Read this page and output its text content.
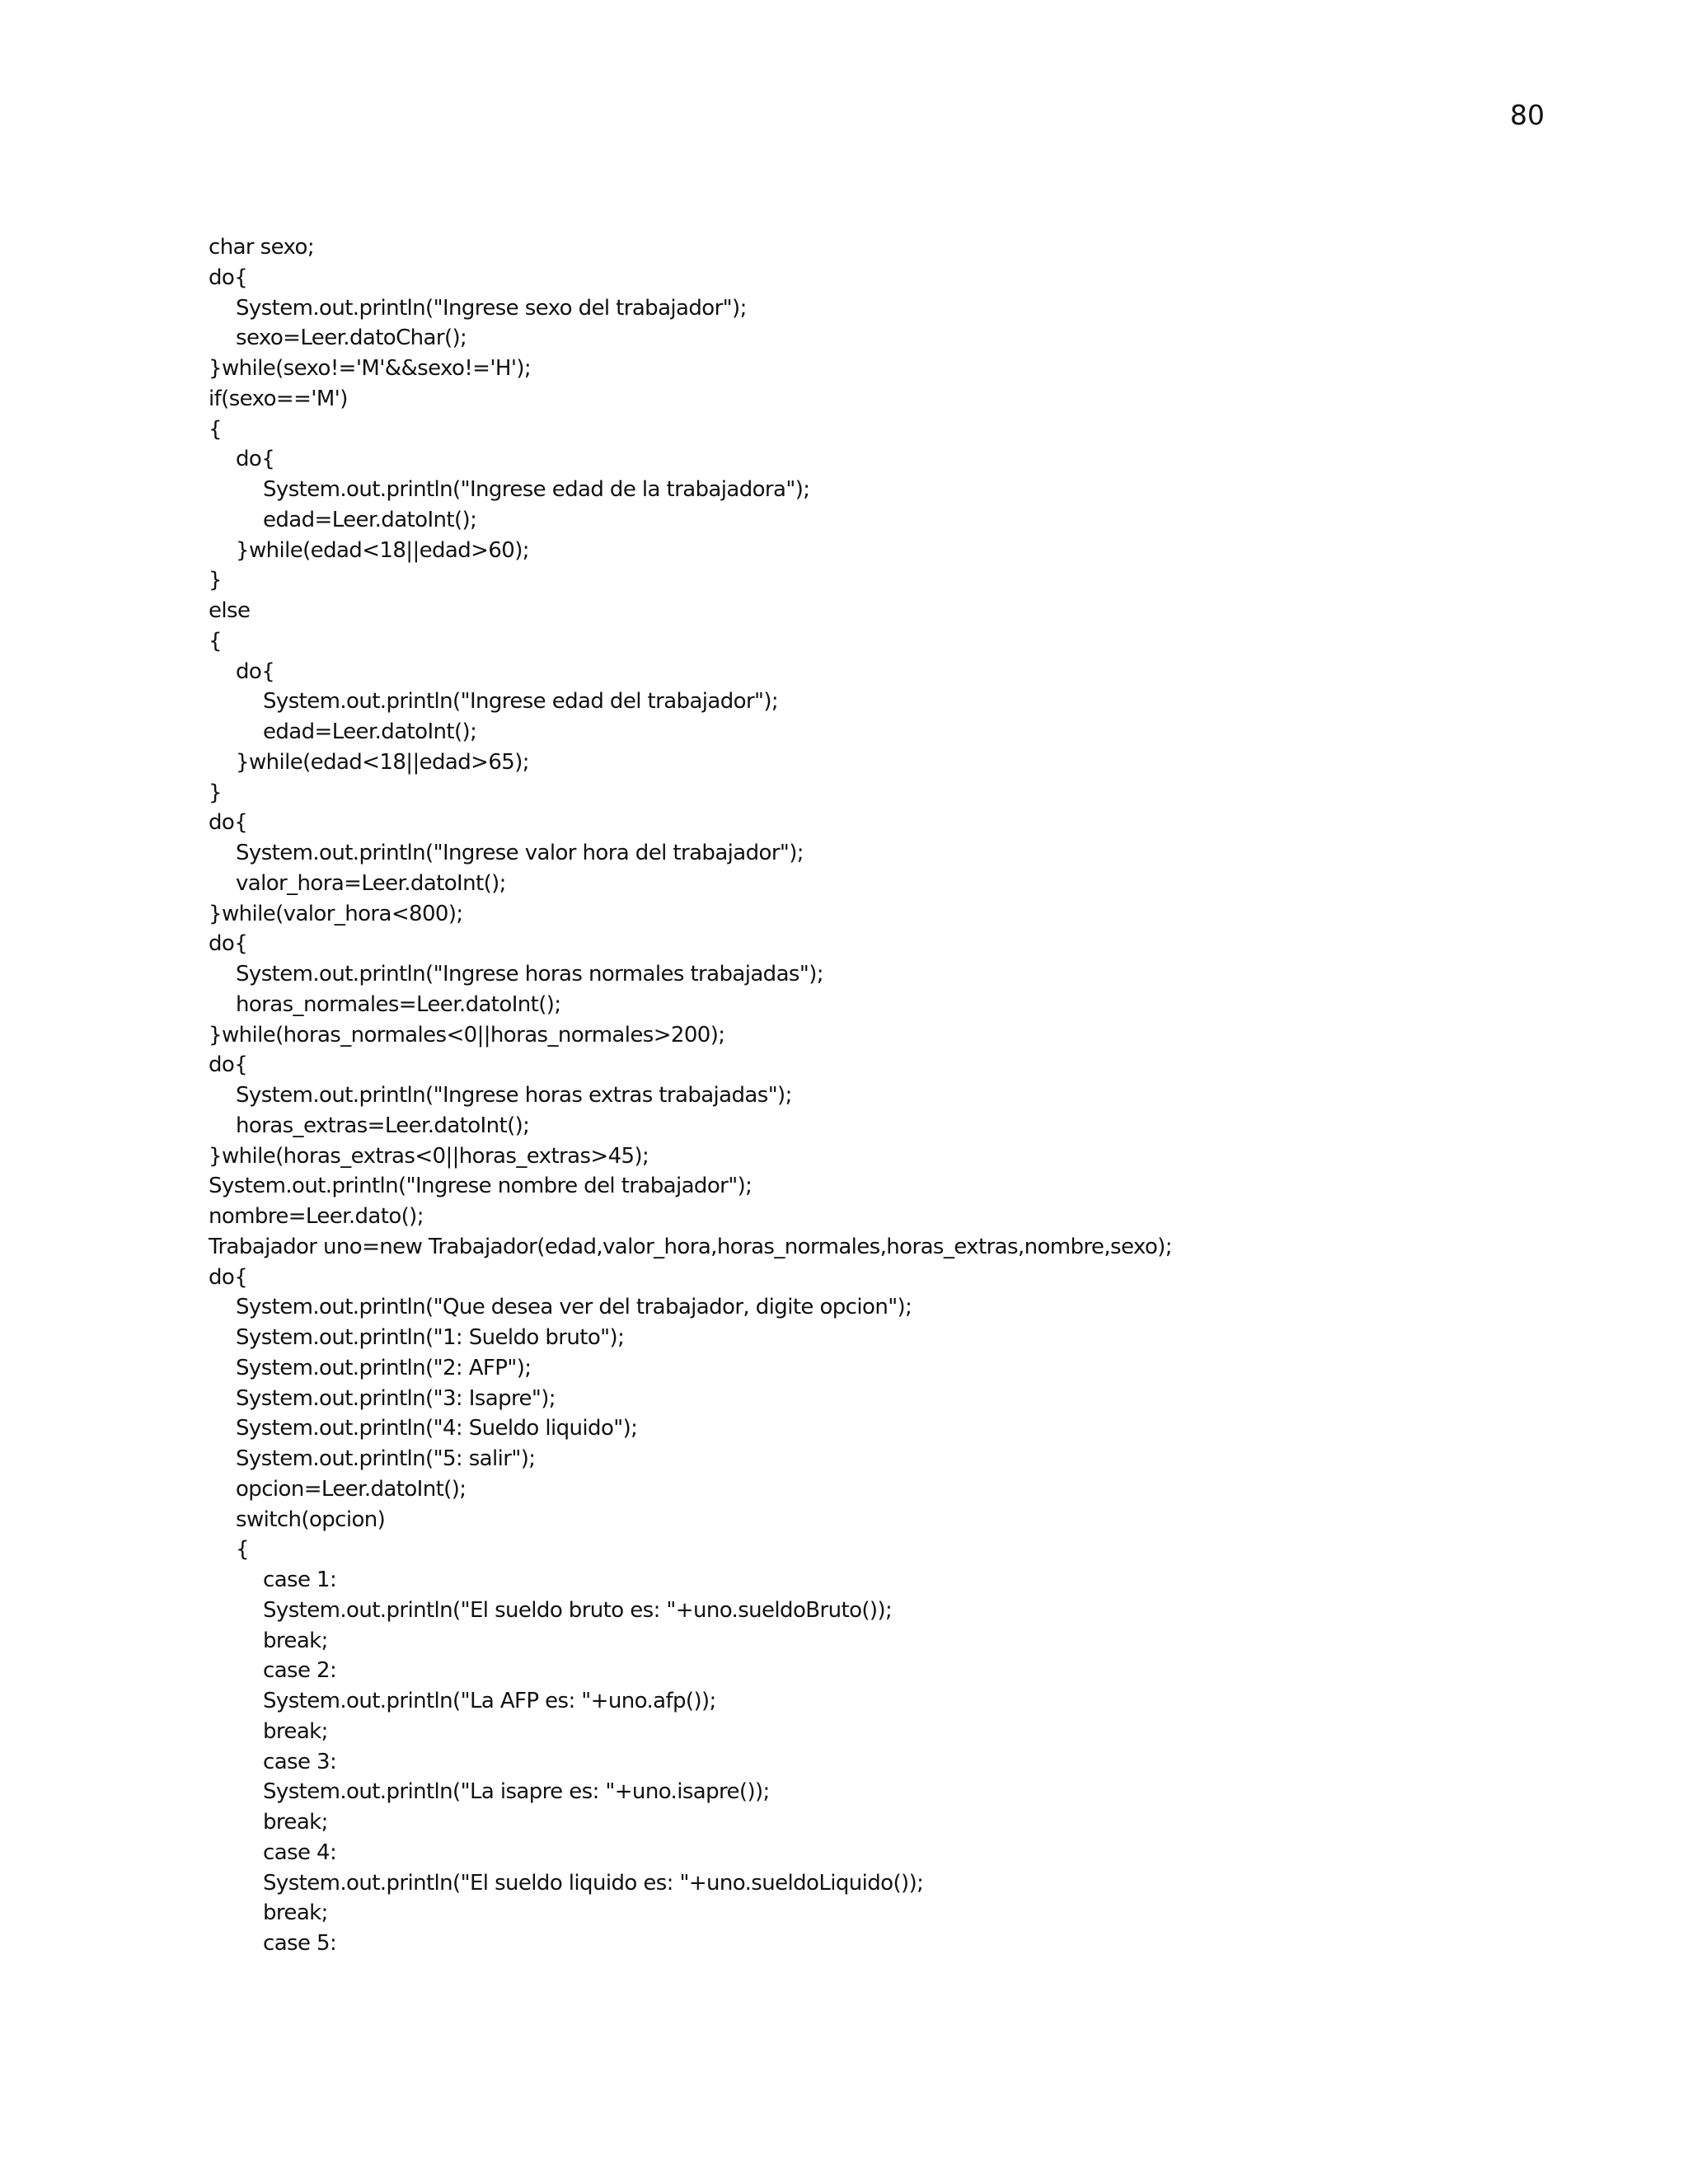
80
char sexo;
do{
System.out.println("Ingrese sexo del trabajador");
sexo=Leer.datoChar();
}while(sexo!='M'&&sexo!='H');
if(sexo=='M')
{
do{
System.out.println("Ingrese edad de la trabajadora");
edad=Leer.datoInt();
}while(edad<18||edad>60);
}
else
{
do{
System.out.println("Ingrese edad del trabajador");
edad=Leer.datoInt();
}while(edad<18||edad>65);
}
do{
System.out.println("Ingrese valor hora del trabajador");
valor_hora=Leer.datoInt();
}while(valor_hora<800);
do{
System.out.println("Ingrese horas normales trabajadas");
horas_normales=Leer.datoInt();
}while(horas_normales<0||horas_normales>200);
do{
System.out.println("Ingrese horas extras trabajadas");
horas_extras=Leer.datoInt();
}while(horas_extras<0||horas_extras>45);
System.out.println("Ingrese nombre del trabajador");
nombre=Leer.dato();
Trabajador uno=new Trabajador(edad,valor_hora,horas_normales,horas_extras,nombre,sexo);
do{
System.out.println("Que desea ver del trabajador, digite opcion");
System.out.println("1: Sueldo bruto");
System.out.println("2: AFP");
System.out.println("3: Isapre");
System.out.println("4: Sueldo liquido");
System.out.println("5: salir");
opcion=Leer.datoInt();
switch(opcion)
{
case 1:
System.out.println("El sueldo bruto es: "+uno.sueldoBruto());
break;
case 2:
System.out.println("La AFP es: "+uno.afp());
break;
case 3:
System.out.println("La isapre es: "+uno.isapre());
break;
case 4:
System.out.println("El sueldo liquido es: "+uno.sueldoLiquido());
break;
case 5:
